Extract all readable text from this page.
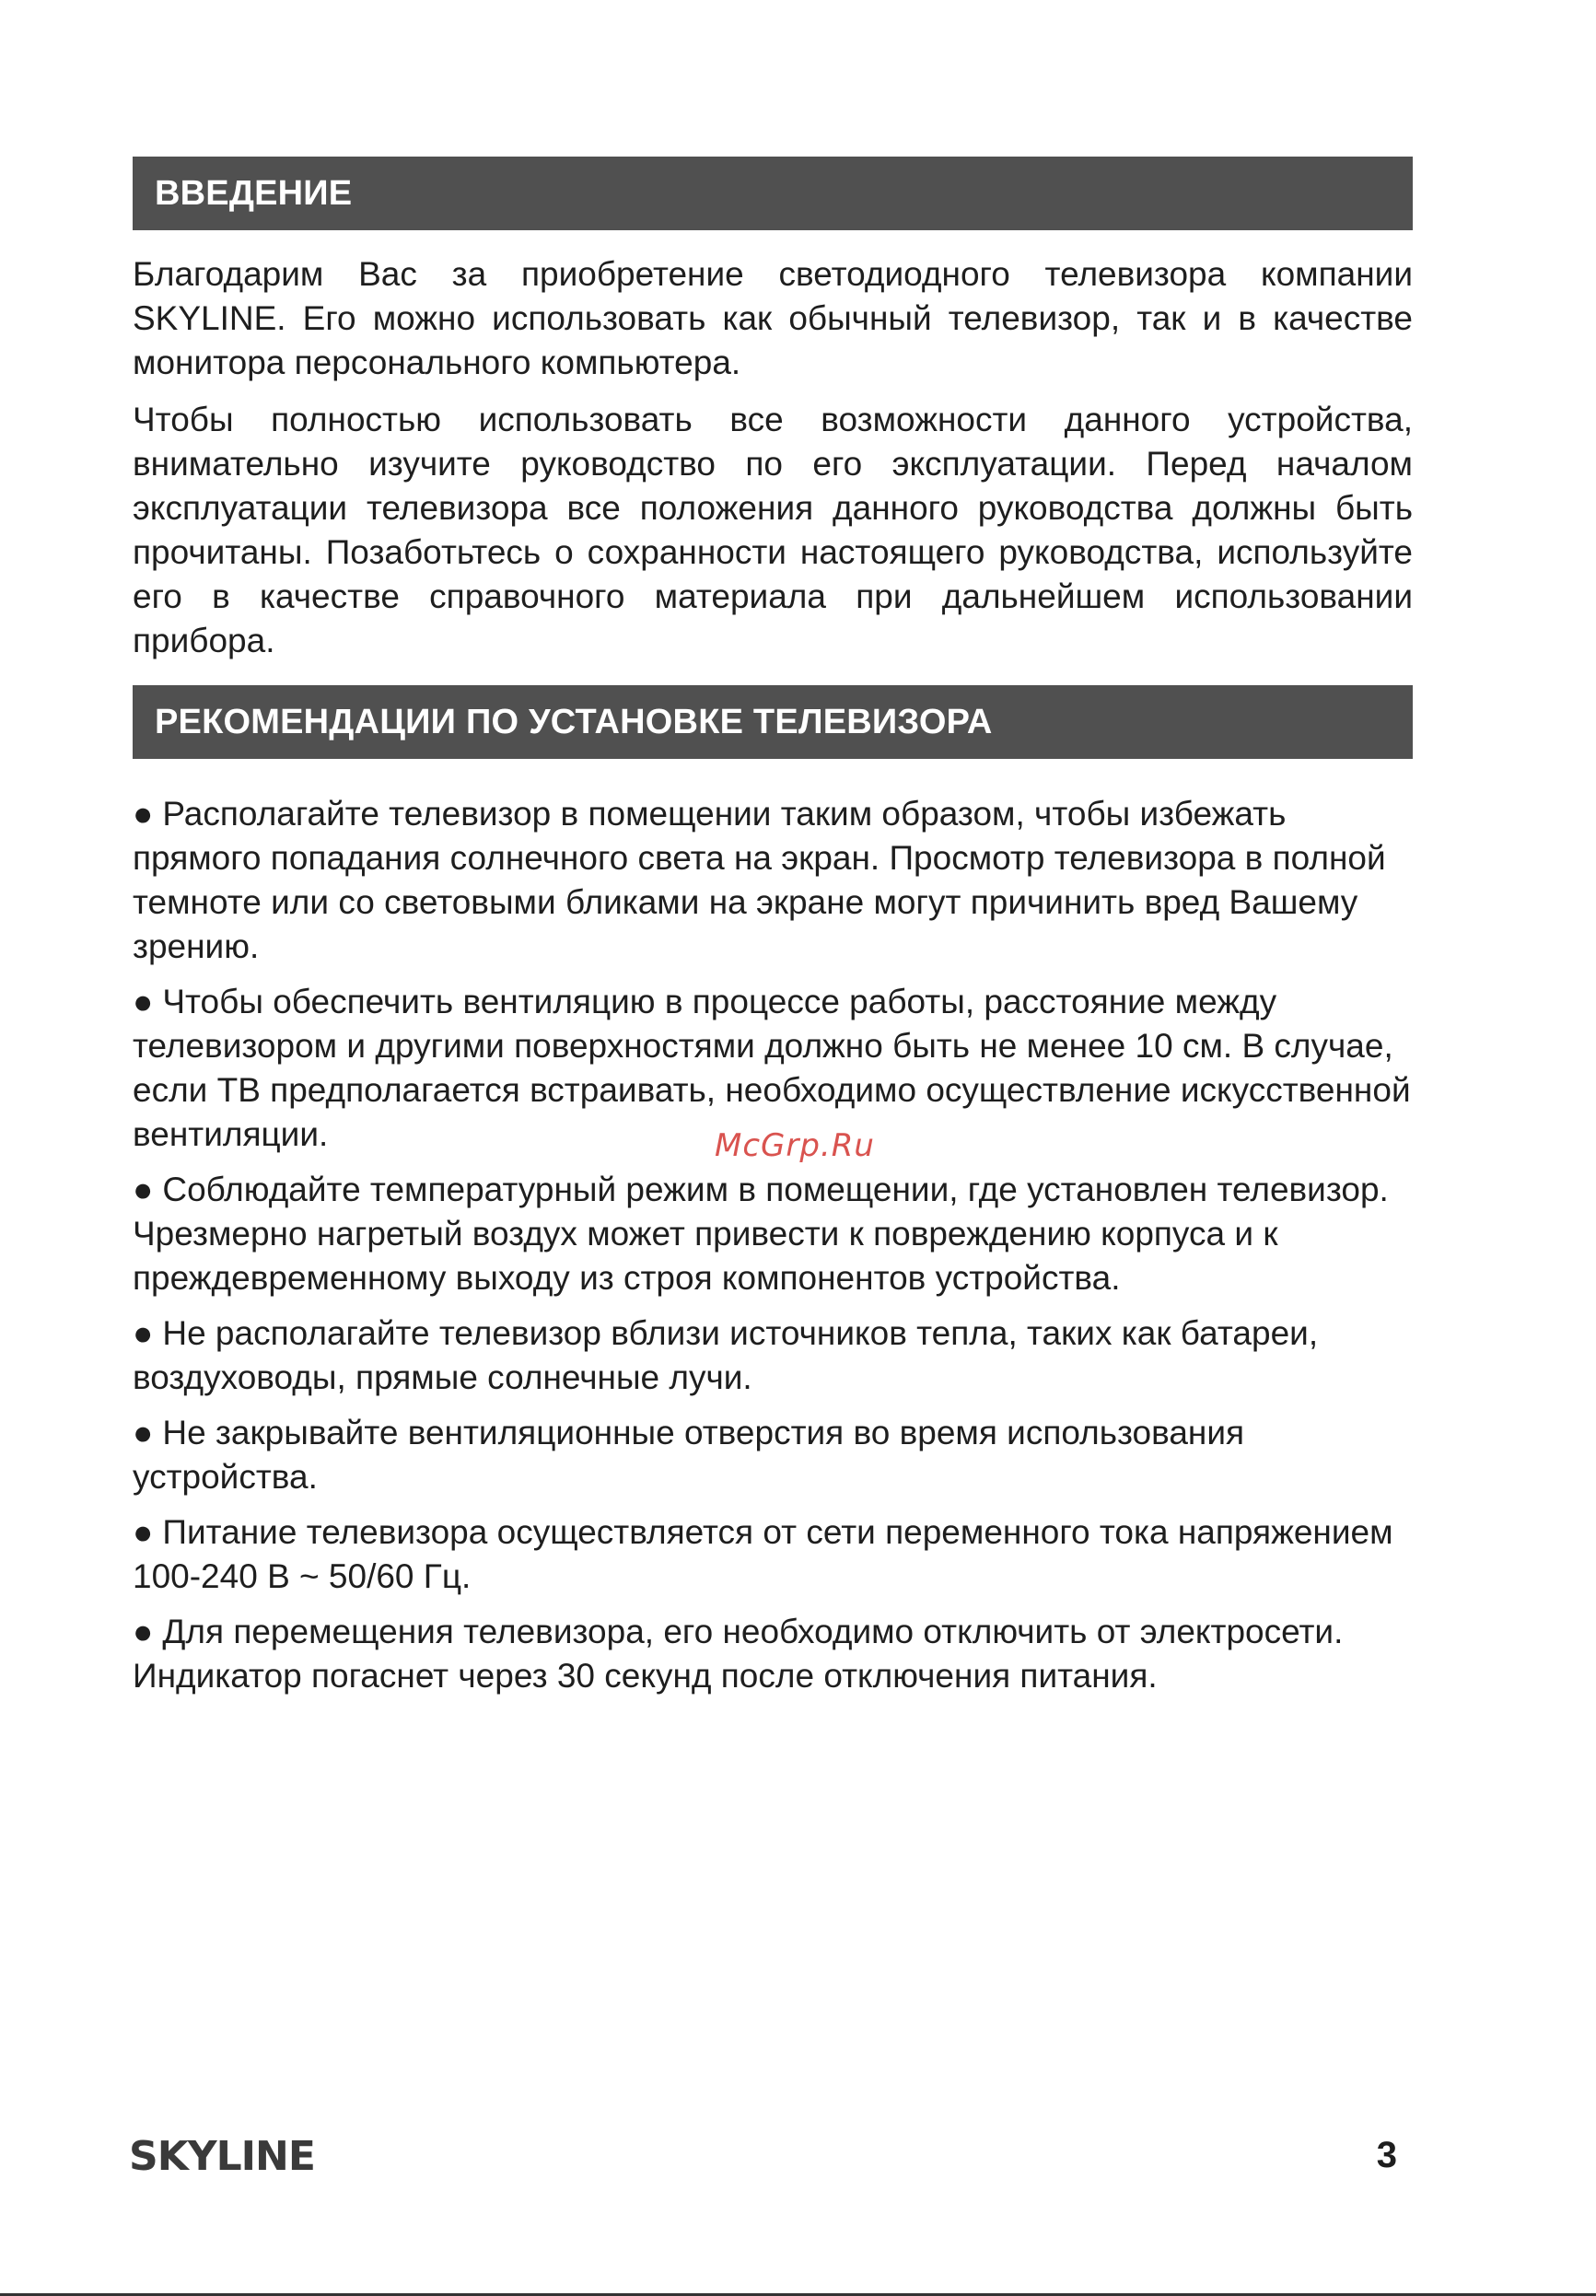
ВВЕДЕНИЕ

Благодарим Вас за приобретение светодиодного телевизора компании SKYLINE. Его можно использовать как обычный телевизор, так и в качестве монитора персонального компьютера.

Чтобы полностью использовать все возможности данного устройства, внимательно изучите руководство по его эксплуатации. Перед началом эксплуатации телевизора все положения данного руководства должны быть прочитаны. Позаботьтесь о сохранности настоящего руководства, используйте его в качестве справочного материала при дальнейшем использовании прибора.

РЕКОМЕНДАЦИИ ПО УСТАНОВКЕ ТЕЛЕВИЗОРА
● Располагайте телевизор в помещении таким образом, чтобы избежать прямого попадания солнечного света на экран. Просмотр телевизора в полной темноте или со световыми бликами на экране могут причинить вред Вашему зрению.
● Чтобы обеспечить вентиляцию в процессе работы, расстояние между телевизором и другими поверхностями должно быть не менее 10 см. В случае, если ТВ предполагается встраивать, необходимо осуществление искусственной вентиляции.
● Соблюдайте температурный режим в помещении, где установлен телевизор. Чрезмерно нагретый воздух может привести к повреждению корпуса и к преждевременному выходу из строя компонентов устройства.
● Не располагайте телевизор вблизи источников тепла, таких как батареи, воздуховоды, прямые солнечные лучи.
● Не закрывайте вентиляционные отверстия во время использования устройства.
● Питание телевизора осуществляется от сети переменного тока напряжением 100-240 В ~ 50/60 Гц.
● Для перемещения телевизора, его необходимо отключить от электросети. Индикатор погаснет через 30 секунд после отключения питания.
McGrp.Ru
SKYLINE	3
